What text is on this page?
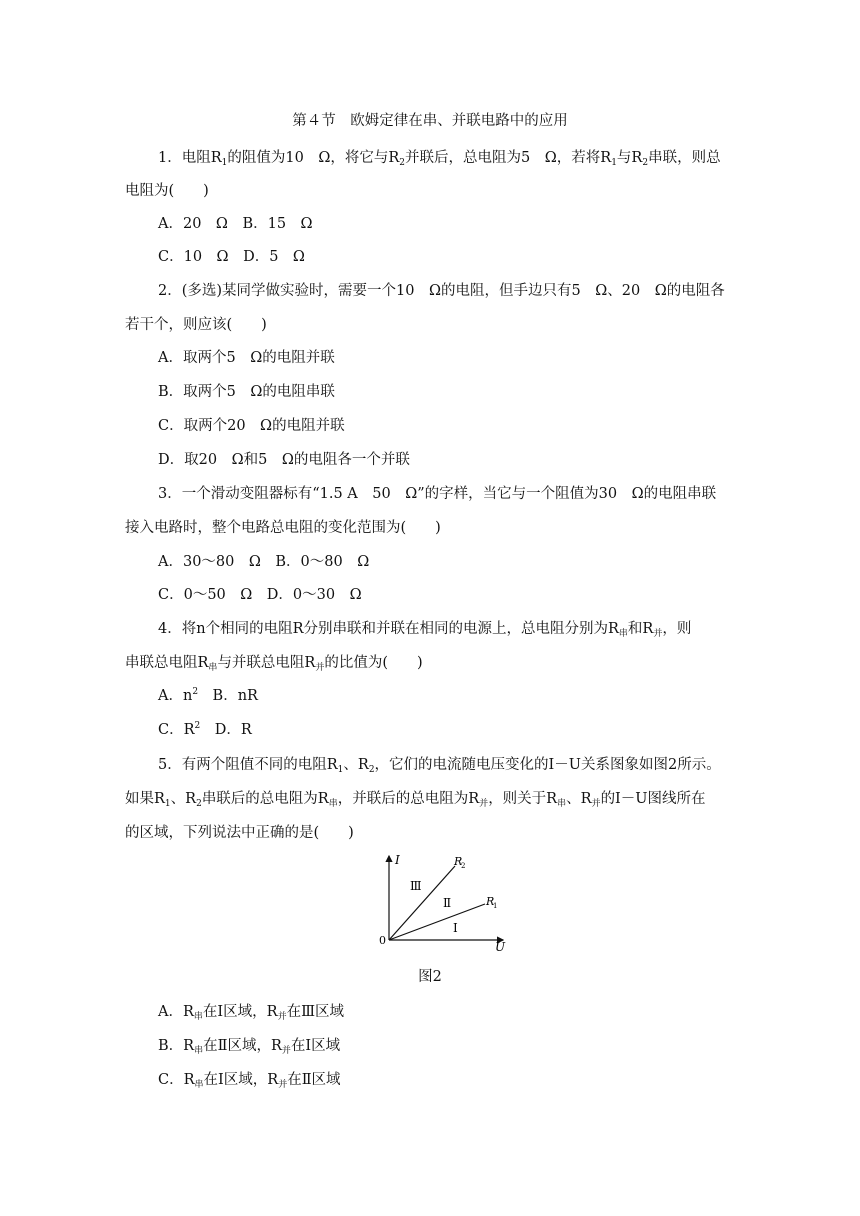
第４节　欧姆定律在串、并联电路中的应用
1．电阻$R_1$的阻值为10　Ω，将它与$R_2$并联后，总电阻为5　Ω，若将$R_1$与$R_2$串联，则总
电阻为(　　)
A．20　Ω　B．15　Ω
C．10　Ω　D．5　Ω
2．(多选)某同学做实验时，需要一个10　Ω的电阻，但手边只有5　Ω、20　Ω的电阻各
若干个，则应该(　　)
A．取两个5　Ω的电阻并联
B．取两个5　Ω的电阻串联
C．取两个20　Ω的电阻并联
D．取20　Ω和5　Ω的电阻各一个并联
3．一个滑动变阻器标有“1.5 A　50　Ω”的字样，当它与一个阻值为30　Ω的电阻串联
接入电路时，整个电路总电阻的变化范围为(　　)
A．30～80　Ω　B．0～80　Ω
C．0～50　Ω　D．0～30　Ω
4．将n个相同的电阻R分别串联和并联在相同的电源上，总电阻分别为$R_串$和$R_并$，则
串联总电阻$R_串$与并联总电阻$R_并$的比值为(　　)
A．$n^2$　B．nR
C．$R^2$　D．R
5．有两个阻值不同的电阻$R_1$、$R_2$，它们的电流随电压变化的I－U关系图象如图2所示。
如果$R_1$、$R_2$串联后的总电阻为$R_串$，并联后的总电阻为$R_并$，则关于$R_串$、$R_并$的I－U图线所在
的区域，下列说法中正确的是(　　)
I
U
0
R
2
R
1
Ⅲ
Ⅱ
Ⅰ
图2
A．$R_串$在Ⅰ区域，$R_并$在Ⅲ区域
B．$R_串$在Ⅱ区域，$R_并$在Ⅰ区域
C．$R_串$在Ⅰ区域，$R_并$在Ⅱ区域
